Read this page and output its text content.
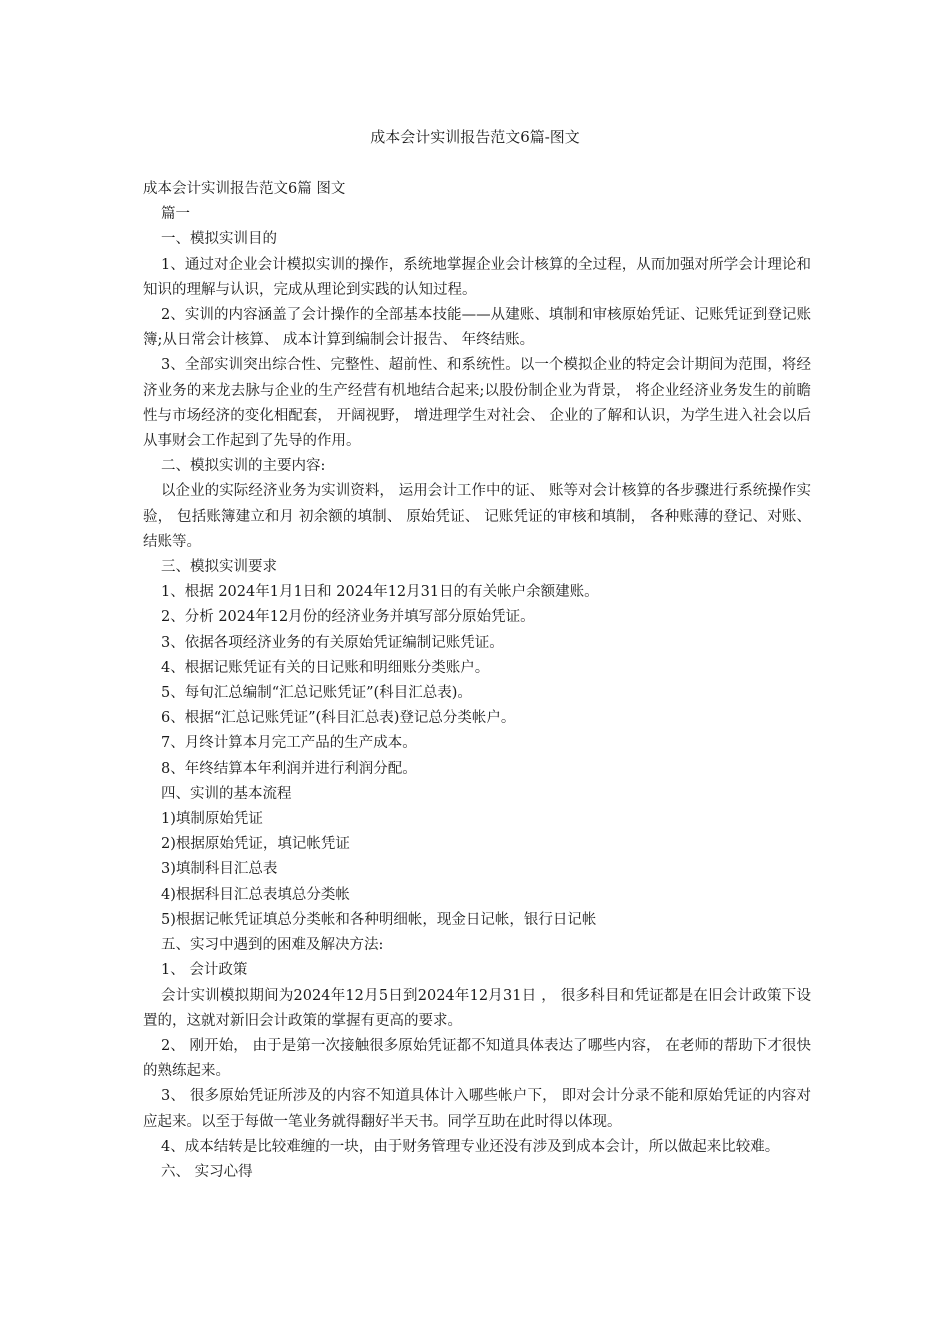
成本会计实训报告范文6篇-图文

成本会计实训报告范文6篇 图文

篇一

一、模拟实训目的

1、通过对企业会计模拟实训的操作，系统地掌握企业会计核算的全过程，从而加强对所学会计理论和知识的理解与认识，完成从理论到实践的认知过程。

2、实训的内容涵盖了会计操作的全部基本技能——从建账、填制和审核原始凭证、记账凭证到登记账簿;从日常会计核算、 成本计算到编制会计报告、 年终结账。

3、全部实训突出综合性、完整性、超前性、和系统性。以一个模拟企业的特定会计期间为范围，将经济业务的来龙去脉与企业的生产经营有机地结合起来;以股份制企业为背景， 将企业经济业务发生的前瞻性与市场经济的变化相配套， 开阔视野， 增进理学生对社会、 企业的了解和认识，为学生进入社会以后从事财会工作起到了先导的作用。

二、模拟实训的主要内容:

以企业的实际经济业务为实训资料， 运用会计工作中的证、 账等对会计核算的各步骤进行系统操作实验， 包括账簿建立和月 初余额的填制、 原始凭证、 记账凭证的审核和填制， 各种账薄的登记、对账、结账等。

三、模拟实训要求

1、根据 2024年1月1日和 2024年12月31日的有关帐户余额建账。

2、分析 2024年12月份的经济业务并填写部分原始凭证。

3、依据各项经济业务的有关原始凭证编制记账凭证。

4、根据记账凭证有关的日记账和明细账分类账户。

5、每旬汇总编制“汇总记账凭证”(科目汇总表)。

6、根据“汇总记账凭证”(科目汇总表)登记总分类帐户。

7、月终计算本月完工产品的生产成本。

8、年终结算本年利润并进行利润分配。

四、实训的基本流程

1)填制原始凭证

2)根据原始凭证，填记帐凭证

3)填制科目汇总表

4)根据科目汇总表填总分类帐

5)根据记帐凭证填总分类帐和各种明细帐，现金日记帐，银行日记帐

五、实习中遇到的困难及解决方法:

1、 会计政策

会计实训模拟期间为2024年12月5日到2024年12月31日 ， 很多科目和凭证都是在旧会计政策下设置的，这就对新旧会计政策的掌握有更高的要求。

2、 刚开始， 由于是第一次接触很多原始凭证都不知道具体表达了哪些内容， 在老师的帮助下才很快的熟练起来。

3、 很多原始凭证所涉及的内容不知道具体计入哪些帐户下， 即对会计分录不能和原始凭证的内容对应起来。以至于每做一笔业务就得翻好半天书。同学互助在此时得以体现。

4、成本结转是比较难缠的一块，由于财务管理专业还没有涉及到成本会计，所以做起来比较难。

六、 实习心得
